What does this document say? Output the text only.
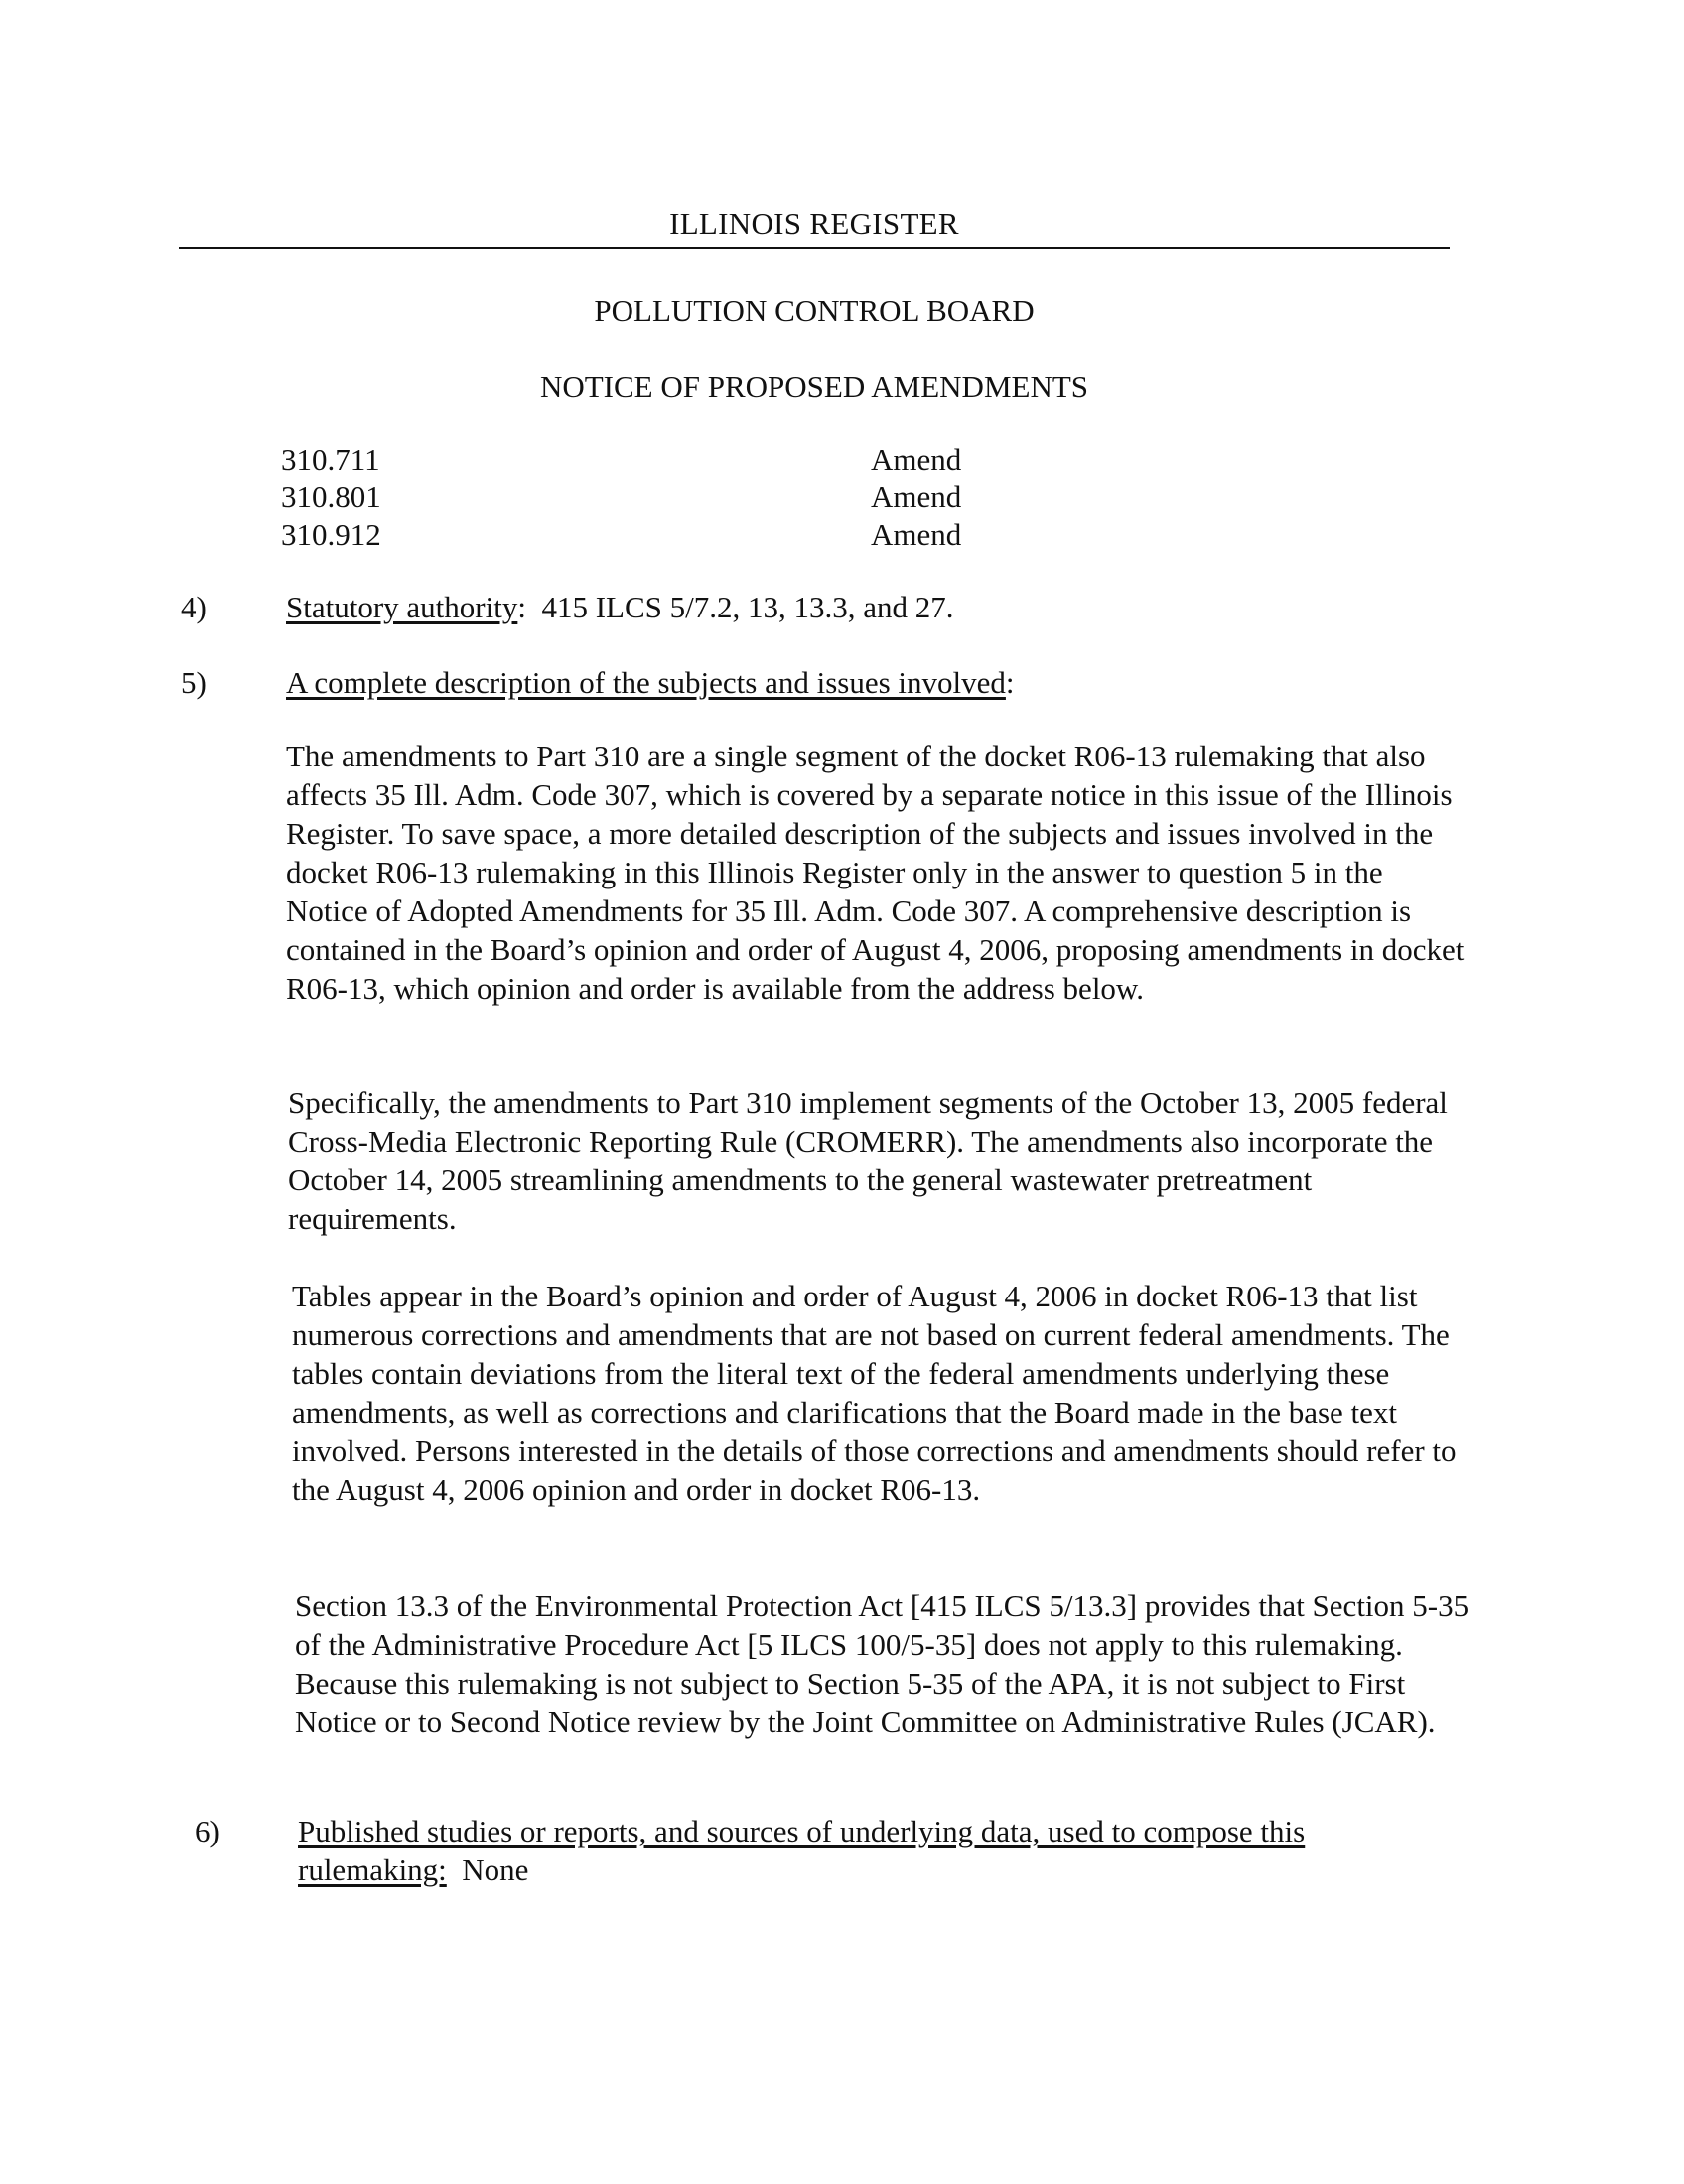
ILLINOIS REGISTER
POLLUTION CONTROL BOARD
NOTICE OF PROPOSED AMENDMENTS
310.711	Amend
310.801	Amend
310.912	Amend
4)	Statutory authority: 415 ILCS 5/7.2, 13, 13.3, and 27.
5)	A complete description of the subjects and issues involved:
The amendments to Part 310 are a single segment of the docket R06-13 rulemaking that also affects 35 Ill. Adm. Code 307, which is covered by a separate notice in this issue of the Illinois Register. To save space, a more detailed description of the subjects and issues involved in the docket R06-13 rulemaking in this Illinois Register only in the answer to question 5 in the Notice of Adopted Amendments for 35 Ill. Adm. Code 307. A comprehensive description is contained in the Board’s opinion and order of August 4, 2006, proposing amendments in docket R06-13, which opinion and order is available from the address below.
Specifically, the amendments to Part 310 implement segments of the October 13, 2005 federal Cross-Media Electronic Reporting Rule (CROMERR). The amendments also incorporate the October 14, 2005 streamlining amendments to the general wastewater pretreatment requirements.
Tables appear in the Board’s opinion and order of August 4, 2006 in docket R06-13 that list numerous corrections and amendments that are not based on current federal amendments. The tables contain deviations from the literal text of the federal amendments underlying these amendments, as well as corrections and clarifications that the Board made in the base text involved. Persons interested in the details of those corrections and amendments should refer to the August 4, 2006 opinion and order in docket R06-13.
Section 13.3 of the Environmental Protection Act [415 ILCS 5/13.3] provides that Section 5-35 of the Administrative Procedure Act [5 ILCS 100/5-35] does not apply to this rulemaking. Because this rulemaking is not subject to Section 5-35 of the APA, it is not subject to First Notice or to Second Notice review by the Joint Committee on Administrative Rules (JCAR).
6)	Published studies or reports, and sources of underlying data, used to compose this rulemaking: None
